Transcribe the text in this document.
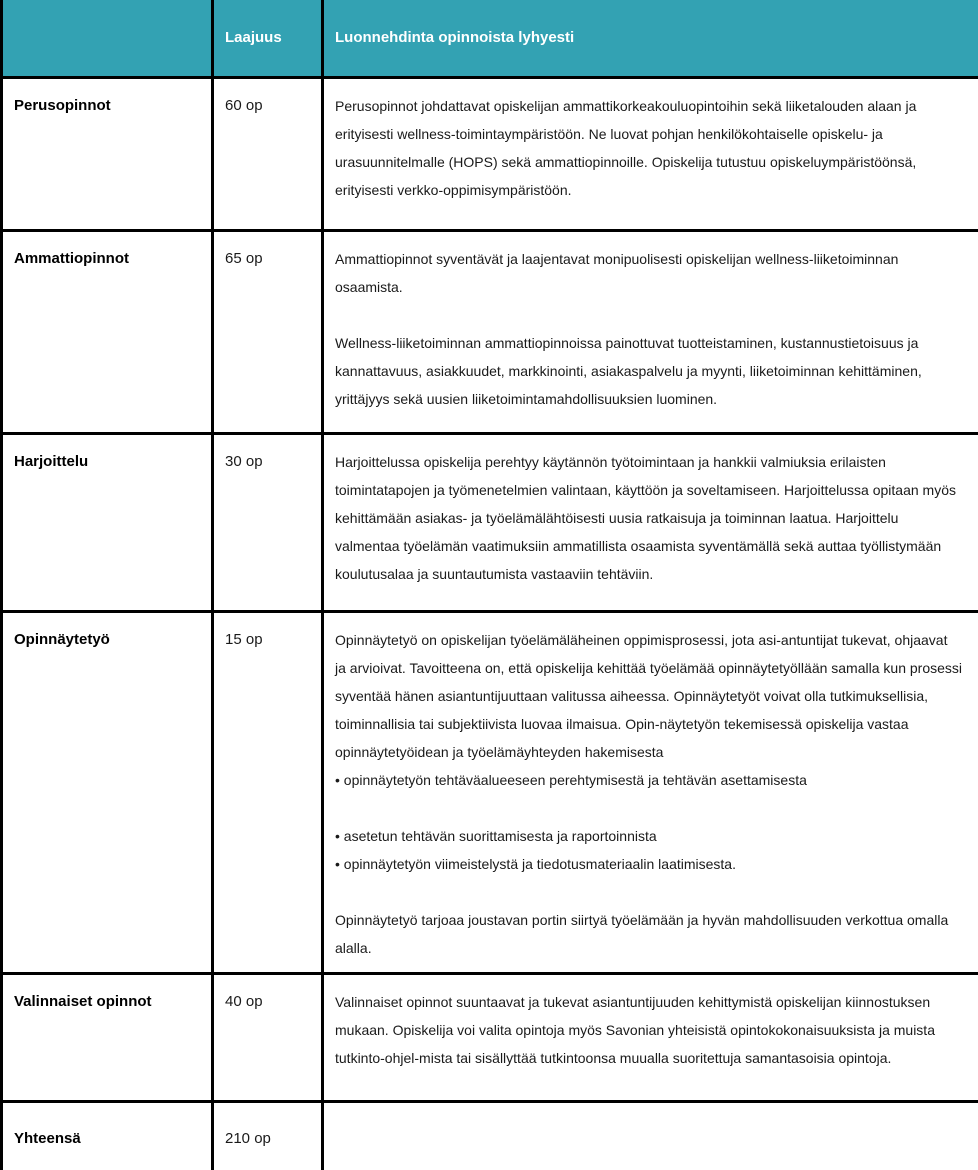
	Laajuus	Luonnehdinta opinnoista lyhyesti
Perusopinnot	60 op	Perusopinnot johdattavat opiskelijan ammattikorkeakouluopintoihin sekä liiketalouden alaan ja erityisesti wellness-toimintaympäristöön. Ne luovat pohjan henkilökohtaiselle opiskelu- ja urasuunnitelmalle (HOPS) sekä ammattiopinnoille. Opiskelija tutustuu opiskeluympäristöönsä, erityisesti verkko-oppimisympäristöön.

Ammattiopinnot	65 op	Ammattiopinnot syventävät ja laajentavat monipuolisesti opiskelijan wellness-liiketoiminnan osaamista.

Wellness-liiketoiminnan ammattiopinnoissa painottuvat tuotteistaminen, kustannustietoisuus ja kannattavuus, asiakkuudet, markkinointi, asiakaspalvelu ja myynti, liiketoiminnan kehittäminen, yrittäjyys sekä uusien liiketoimintamahdollisuuksien luominen.

Harjoittelu	30 op	Harjoittelussa opiskelija perehtyy käytännön työtoimintaan ja hankkii valmiuksia erilaisten toimintatapojen ja työmenetelmien valintaan, käyttöön ja soveltamiseen. Harjoittelussa opitaan myös kehittämään asiakas- ja työelämälähtöisesti uusia ratkaisuja ja toiminnan laatua. Harjoittelu valmentaa työelämän vaatimuksiin ammatillista osaamista syventämällä sekä auttaa työllistymään koulutusalaa ja suuntautumista vastaaviin tehtäviin.

Opinnäytetyö	15 op	Opinnäytetyö on opiskelijan työelämäläheinen oppimisprosessi, jota asi-antuntijat tukevat, ohjaavat ja arvioivat. Tavoitteena on, että opiskelija kehittää työelämää opinnäytetyöllään samalla kun prosessi syventää hänen asiantuntijuuttaan valitussa aiheessa. Opinnäytetyöt voivat olla tutkimuksellisia, toiminnallisia tai subjektiivista luovaa ilmaisua. Opin-näytetyön tekemisessä opiskelija vastaa opinnäytetyöidean ja työelämäyhteyden hakemisesta

• opinnäytetyön tehtäväalueeseen perehtymisestä ja tehtävän asettamisesta

• asetetun tehtävän suorittamisesta ja raportoinnista

• opinnäytetyön viimeistelystä ja tiedotusmateriaalin laatimisesta.

Opinnäytetyö tarjoaa joustavan portin siirtyä työelämään ja hyvän mahdollisuuden verkottua omalla alalla.

Valinnaiset opinnot	40 op	Valinnaiset opinnot suuntaavat ja tukevat asiantuntijuuden kehittymistä opiskelijan kiinnostuksen mukaan. Opiskelija voi valita opintoja myös Savonian yhteisistä opintokokonaisuuksista ja muista tutkinto-ohjel-mista tai sisällyttää tutkintoonsa muualla suoritettuja samantasoisia opintoja.

Yhteensä	210 op	
